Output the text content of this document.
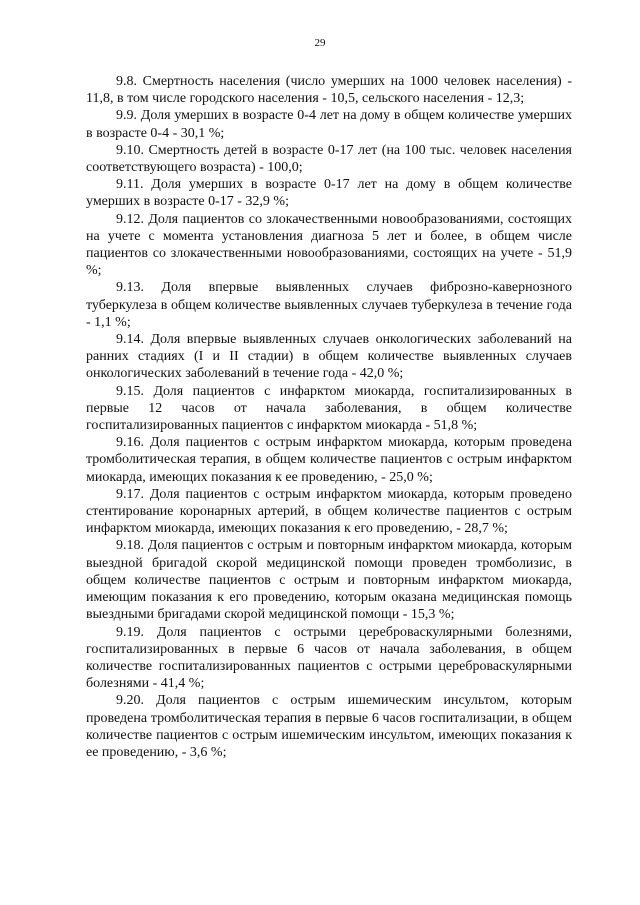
29

9.8. Смертность населения (число умерших на 1000 человек населения) - 11,8, в том числе городского населения - 10,5, сельского населения - 12,3;

9.9. Доля умерших в возрасте 0-4 лет на дому в общем количестве умерших в возрасте 0-4 - 30,1 %;

9.10. Смертность детей в возрасте 0-17 лет (на 100 тыс. человек населения соответствующего возраста) - 100,0;

9.11. Доля умерших в возрасте 0-17 лет на дому в общем количестве умерших в возрасте 0-17 - 32,9 %;

9.12. Доля пациентов со злокачественными новообразованиями, состоящих на учете с момента установления диагноза 5 лет и более, в общем числе пациентов со злокачественными новообразованиями, состоящих на учете - 51,9 %;

9.13. Доля впервые выявленных случаев фиброзно-кавернозного туберкулеза в общем количестве выявленных случаев туберкулеза в течение года - 1,1 %;

9.14. Доля впервые выявленных случаев онкологических заболеваний на ранних стадиях (I и II стадии) в общем количестве выявленных случаев онкологических заболеваний в течение года - 42,0 %;

9.15. Доля пациентов с инфарктом миокарда, госпитализированных в первые 12 часов от начала заболевания, в общем количестве госпитализированных пациентов с инфарктом миокарда - 51,8 %;

9.16. Доля пациентов с острым инфарктом миокарда, которым проведена тромболитическая терапия, в общем количестве пациентов с острым инфарктом миокарда, имеющих показания к ее проведению, - 25,0 %;

9.17. Доля пациентов с острым инфарктом миокарда, которым проведено стентирование коронарных артерий, в общем количестве пациентов с острым инфарктом миокарда, имеющих показания к его проведению, - 28,7 %;

9.18. Доля пациентов с острым и повторным инфарктом миокарда, которым выездной бригадой скорой медицинской помощи проведен тромболизис, в общем количестве пациентов с острым и повторным инфарктом миокарда, имеющим показания к его проведению, которым оказана медицинская помощь выездными бригадами скорой медицинской помощи - 15,3 %;

9.19. Доля пациентов с острыми цереброваскулярными болезнями, госпитализированных в первые 6 часов от начала заболевания, в общем количестве госпитализированных пациентов с острыми цереброваскулярными болезнями - 41,4 %;

9.20. Доля пациентов с острым ишемическим инсультом, которым проведена тромболитическая терапия в первые 6 часов госпитализации, в общем количестве пациентов с острым ишемическим инсультом, имеющих показания к ее проведению, - 3,6 %;
